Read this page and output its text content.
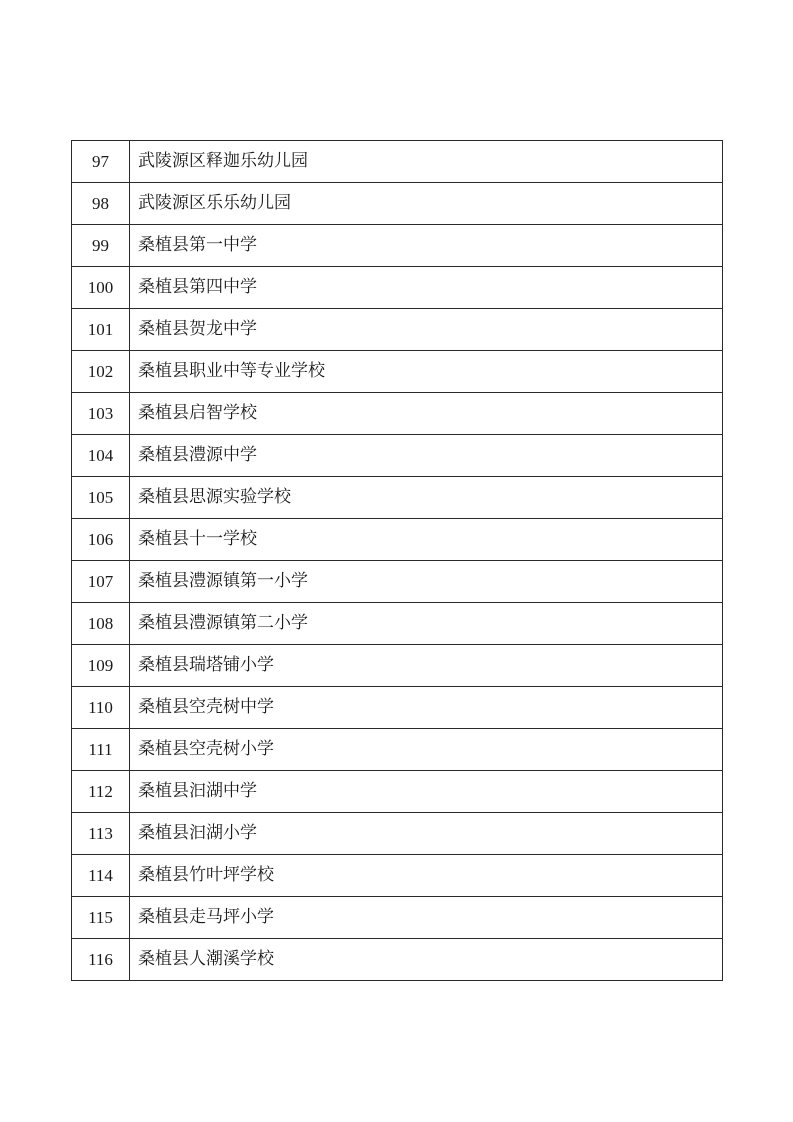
97	武陵源区释迦乐幼儿园
98	武陵源区乐乐幼儿园
99	桑植县第一中学
100	桑植县第四中学
101	桑植县贺龙中学
102	桑植县职业中等专业学校
103	桑植县启智学校
104	桑植县澧源中学
105	桑植县思源实验学校
106	桑植县十一学校
107	桑植县澧源镇第一小学
108	桑植县澧源镇第二小学
109	桑植县瑞塔铺小学
110	桑植县空壳树中学
111	桑植县空壳树小学
112	桑植县汩湖中学
113	桑植县汩湖小学
114	桑植县竹叶坪学校
115	桑植县走马坪小学
116	桑植县人潮溪学校
